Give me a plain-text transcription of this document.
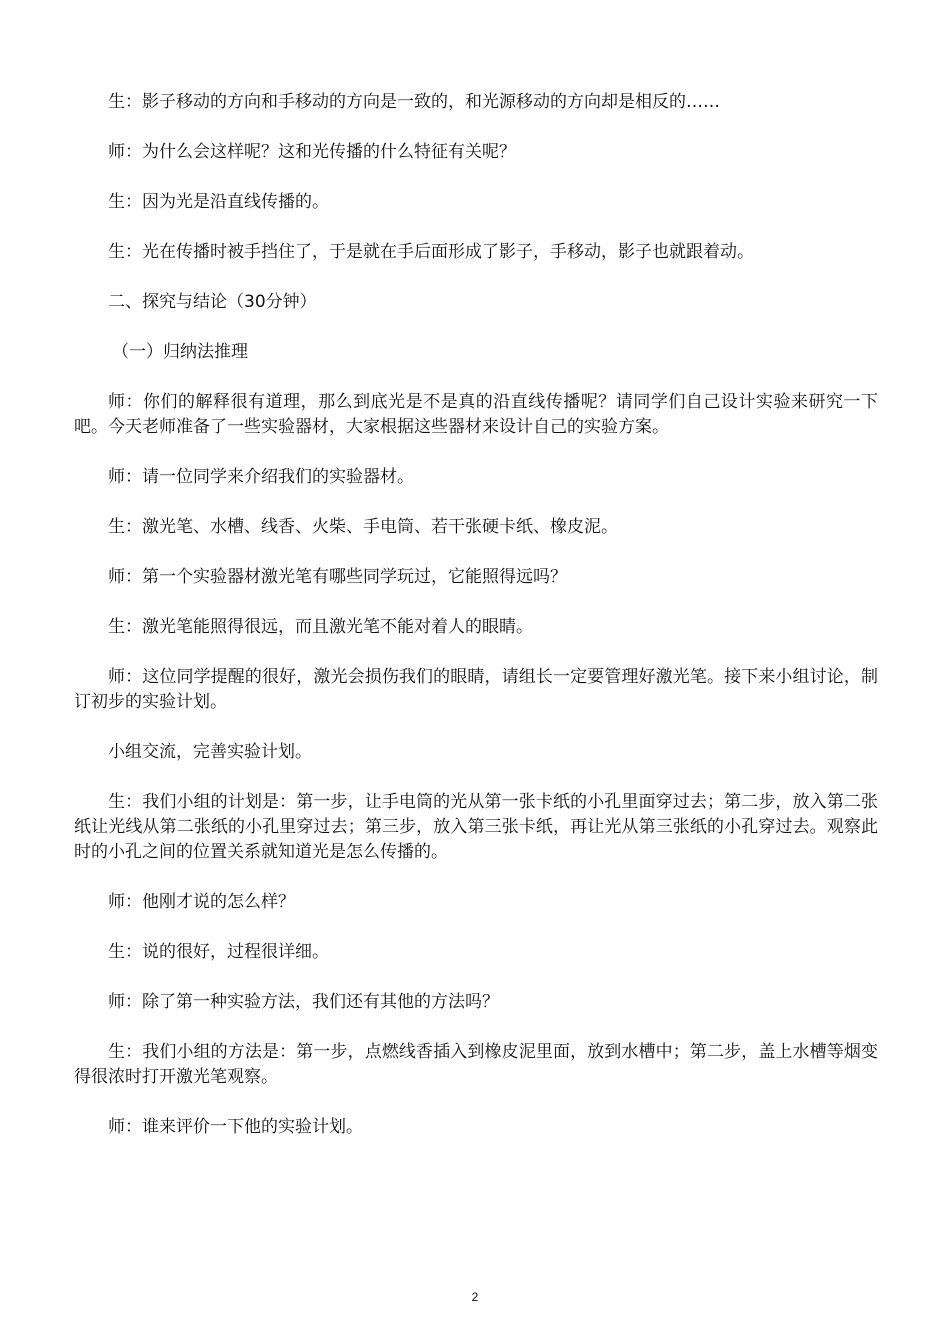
生：影子移动的方向和手移动的方向是一致的，和光源移动的方向却是相反的……

师：为什么会这样呢？这和光传播的什么特征有关呢？

生：因为光是沿直线传播的。

生：光在传播时被手挡住了，于是就在手后面形成了影子，手移动，影子也就跟着动。

二、探究与结论（30分钟）

（一）归纳法推理

师：你们的解释很有道理，那么到底光是不是真的沿直线传播呢？请同学们自己设计实验来研究一下吧。今天老师准备了一些实验器材，大家根据这些器材来设计自己的实验方案。

师：请一位同学来介绍我们的实验器材。

生：激光笔、水槽、线香、火柴、手电筒、若干张硬卡纸、橡皮泥。

师：第一个实验器材激光笔有哪些同学玩过，它能照得远吗？

生：激光笔能照得很远，而且激光笔不能对着人的眼睛。

师：这位同学提醒的很好，激光会损伤我们的眼睛，请组长一定要管理好激光笔。接下来小组讨论，制订初步的实验计划。

小组交流，完善实验计划。

生：我们小组的计划是：第一步，让手电筒的光从第一张卡纸的小孔里面穿过去；第二步，放入第二张纸让光线从第二张纸的小孔里穿过去；第三步，放入第三张卡纸，再让光从第三张纸的小孔穿过去。观察此时的小孔之间的位置关系就知道光是怎么传播的。

师：他刚才说的怎么样？

生：说的很好，过程很详细。

师：除了第一种实验方法，我们还有其他的方法吗？

生：我们小组的方法是：第一步，点燃线香插入到橡皮泥里面，放到水槽中；第二步，盖上水槽等烟变得很浓时打开激光笔观察。

师：谁来评价一下他的实验计划。

2
